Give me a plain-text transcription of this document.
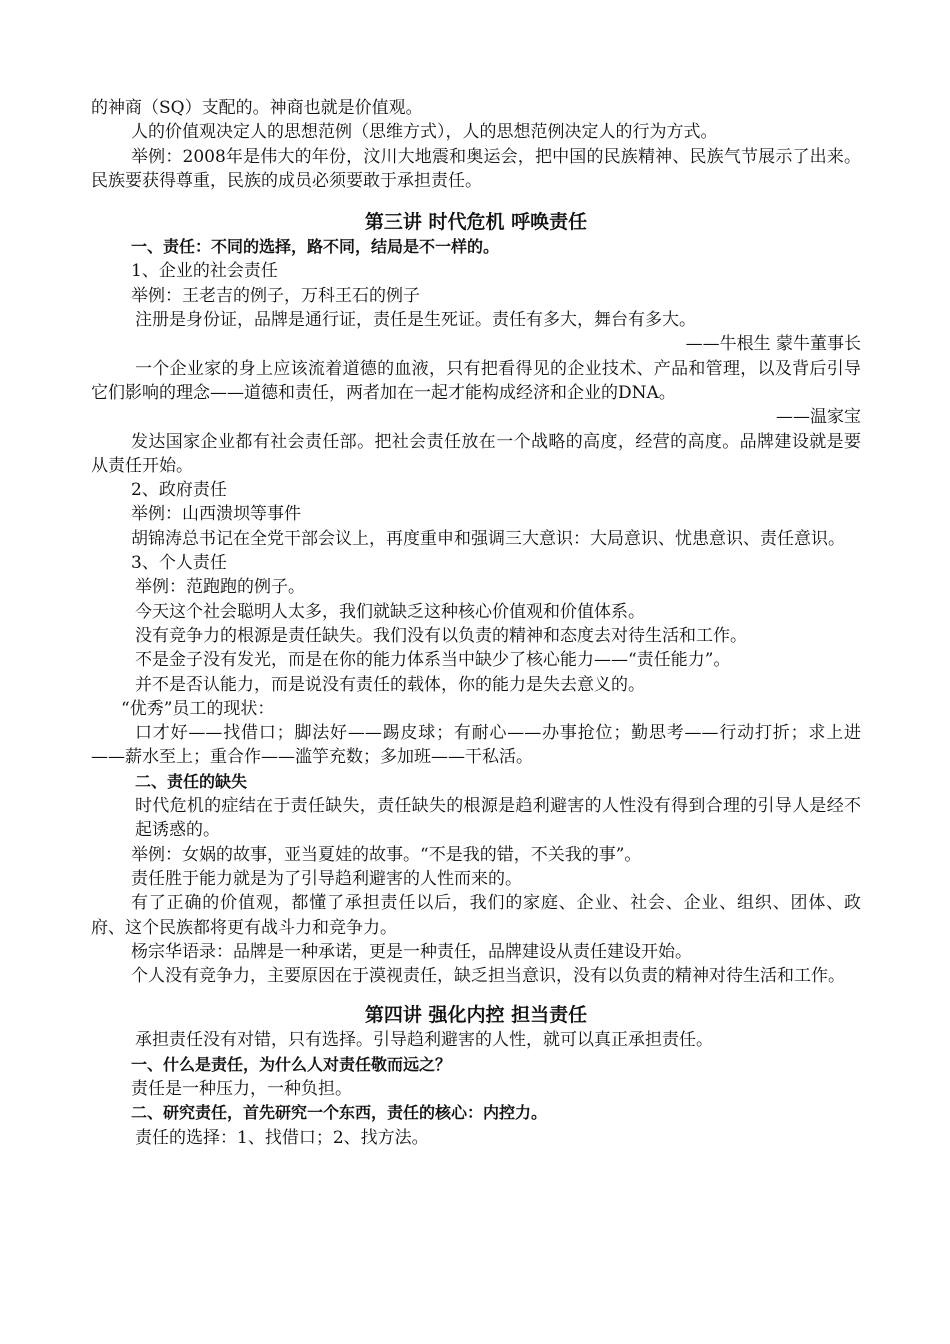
的神商（SQ）支配的。神商也就是价值观。

人的价值观决定人的思想范例（思维方式），人的思想范例决定人的行为方式。

举例：2008年是伟大的年份，汶川大地震和奥运会，把中国的民族精神、民族气节展示了出来。民族要获得尊重，民族的成员必须要敢于承担责任。

第三讲 时代危机 呼唤责任

一、责任：不同的选择，路不同，结局是不一样的。

1、企业的社会责任

举例：王老吉的例子，万科王石的例子

注册是身份证，品牌是通行证，责任是生死证。责任有多大，舞台有多大。

——牛根生 蒙牛董事长

一个企业家的身上应该流着道德的血液，只有把看得见的企业技术、产品和管理，以及背后引导它们影响的理念——道德和责任，两者加在一起才能构成经济和企业的DNA。

——温家宝

发达国家企业都有社会责任部。把社会责任放在一个战略的高度，经营的高度。品牌建设就是要从责任开始。

2、政府责任

举例：山西溃坝等事件

胡锦涛总书记在全党干部会议上，再度重申和强调三大意识：大局意识、忧患意识、责任意识。

3、个人责任

举例：范跑跑的例子。

今天这个社会聪明人太多，我们就缺乏这种核心价值观和价值体系。

没有竞争力的根源是责任缺失。我们没有以负责的精神和态度去对待生活和工作。

不是金子没有发光，而是在你的能力体系当中缺少了核心能力——“责任能力”。

并不是否认能力，而是说没有责任的载体，你的能力是失去意义的。

“优秀”员工的现状：

口才好——找借口；脚法好——踢皮球；有耐心——办事抢位；勤思考——行动打折；求上进——薪水至上；重合作——滥竽充数；多加班——干私活。

二、责任的缺失

时代危机的症结在于责任缺失，责任缺失的根源是趋利避害的人性没有得到合理的引导人是经不起诱惑的。

举例：女娲的故事，亚当夏娃的故事。“不是我的错，不关我的事”。

责任胜于能力就是为了引导趋利避害的人性而来的。

有了正确的价值观，都懂了承担责任以后，我们的家庭、企业、社会、企业、组织、团体、政府、这个民族都将更有战斗力和竞争力。

杨宗华语录：品牌是一种承诺，更是一种责任，品牌建设从责任建设开始。

个人没有竞争力，主要原因在于漠视责任，缺乏担当意识，没有以负责的精神对待生活和工作。

第四讲 强化内控 担当责任

承担责任没有对错，只有选择。引导趋利避害的人性，就可以真正承担责任。

一、什么是责任，为什么人对责任敬而远之？

责任是一种压力，一种负担。

二、研究责任，首先研究一个东西，责任的核心：内控力。

责任的选择：1、找借口；2、找方法。
